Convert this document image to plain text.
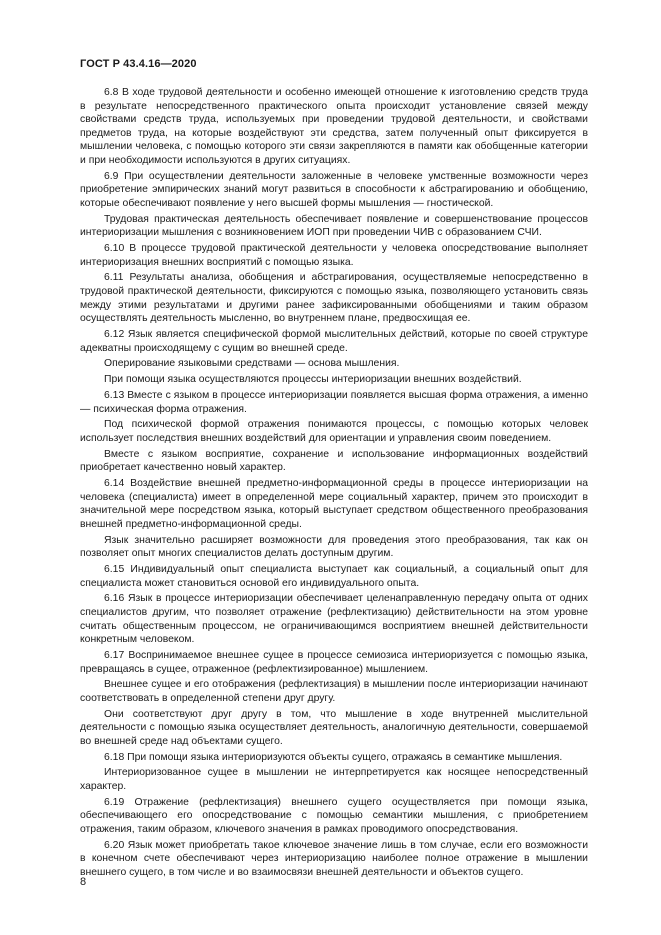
ГОСТ Р 43.4.16—2020

6.8 В ходе трудовой деятельности и особенно имеющей отношение к изготовлению средств труда в результате непосредственного практического опыта происходит установление связей между свойствами средств труда, используемых при проведении трудовой деятельности, и свойствами предметов труда, на которые воздействуют эти средства, затем полученный опыт фиксируется в мышлении человека, с помощью которого эти связи закрепляются в памяти как обобщенные категории и при необходимости используются в других ситуациях.

6.9 При осуществлении деятельности заложенные в человеке умственные возможности через приобретение эмпирических знаний могут развиться в способности к абстрагированию и обобщению, которые обеспечивают появление у него высшей формы мышления — гностической.

Трудовая практическая деятельность обеспечивает появление и совершенствование процессов интериоризации мышления с возникновением ИОП при проведении ЧИВ с образованием СЧИ.

6.10 В процессе трудовой практической деятельности у человека опосредствование выполняет интериоризация внешних восприятий с помощью языка.

6.11 Результаты анализа, обобщения и абстрагирования, осуществляемые непосредственно в трудовой практической деятельности, фиксируются с помощью языка, позволяющего установить связь между этими результатами и другими ранее зафиксированными обобщениями и таким образом осуществлять деятельность мысленно, во внутреннем плане, предвосхищая ее.

6.12 Язык является специфической формой мыслительных действий, которые по своей структуре адекватны происходящему с сущим во внешней среде.

Оперирование языковыми средствами — основа мышления.

При помощи языка осуществляются процессы интериоризации внешних воздействий.

6.13 Вместе с языком в процессе интериоризации появляется высшая форма отражения, а именно — психическая форма отражения.

Под психической формой отражения понимаются процессы, с помощью которых человек использует последствия внешних воздействий для ориентации и управления своим поведением.

Вместе с языком восприятие, сохранение и использование информационных воздействий приобретает качественно новый характер.

6.14 Воздействие внешней предметно-информационной среды в процессе интериоризации на человека (специалиста) имеет в определенной мере социальный характер, причем это происходит в значительной мере посредством языка, который выступает средством общественного преобразования внешней предметно-информационной среды.

Язык значительно расширяет возможности для проведения этого преобразования, так как он позволяет опыт многих специалистов делать доступным другим.

6.15 Индивидуальный опыт специалиста выступает как социальный, а социальный опыт для специалиста может становиться основой его индивидуального опыта.

6.16 Язык в процессе интериоризации обеспечивает целенаправленную передачу опыта от одних специалистов другим, что позволяет отражение (рефлектизацию) действительности на этом уровне считать общественным процессом, не ограничивающимся восприятием внешней действительности конкретным человеком.

6.17 Воспринимаемое внешнее сущее в процессе семиозиса интериоризуется с помощью языка, превращаясь в сущее, отраженное (рефлектизированное) мышлением.

Внешнее сущее и его отображения (рефлектизация) в мышлении после интериоризации начинают соответствовать в определенной степени друг другу.

Они соответствуют друг другу в том, что мышление в ходе внутренней мыслительной деятельности с помощью языка осуществляет деятельность, аналогичную деятельности, совершаемой во внешней среде над объектами сущего.

6.18 При помощи языка интериоризуются объекты сущего, отражаясь в семантике мышления.

Интериоризованное сущее в мышлении не интерпретируется как носящее непосредственный характер.

6.19 Отражение (рефлектизация) внешнего сущего осуществляется при помощи языка, обеспечивающего его опосредствование с помощью семантики мышления, с приобретением отражения, таким образом, ключевого значения в рамках проводимого опосредствования.

6.20 Язык может приобретать такое ключевое значение лишь в том случае, если его возможности в конечном счете обеспечивают через интериоризацию наиболее полное отражение в мышлении внешнего сущего, в том числе и во взаимосвязи внешней деятельности и объектов сущего.

8
